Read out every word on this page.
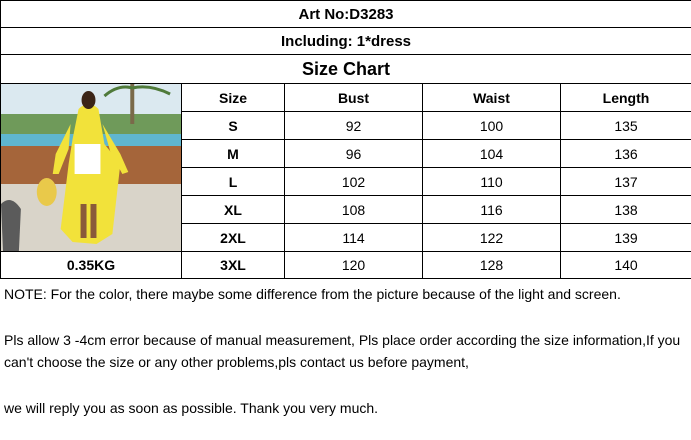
Art No:D3283				
Including: 1*dress				
Size Chart				

	Size	Bust	Waist	Length
	S	92	100	135
	M	96	104	136
	L	102	110	137
	XL	108	116	138
	2XL	114	122	139
0.35KG	3XL	120	128	140

NOTE: For the color, there maybe some difference from the picture because of the light and screen.

Pls allow 3 -4cm error because of manual measurement, Pls place order according the size information,If you can't choose the size or any other problems,pls contact us before payment,

we will reply you as soon as possible. Thank you very much.
